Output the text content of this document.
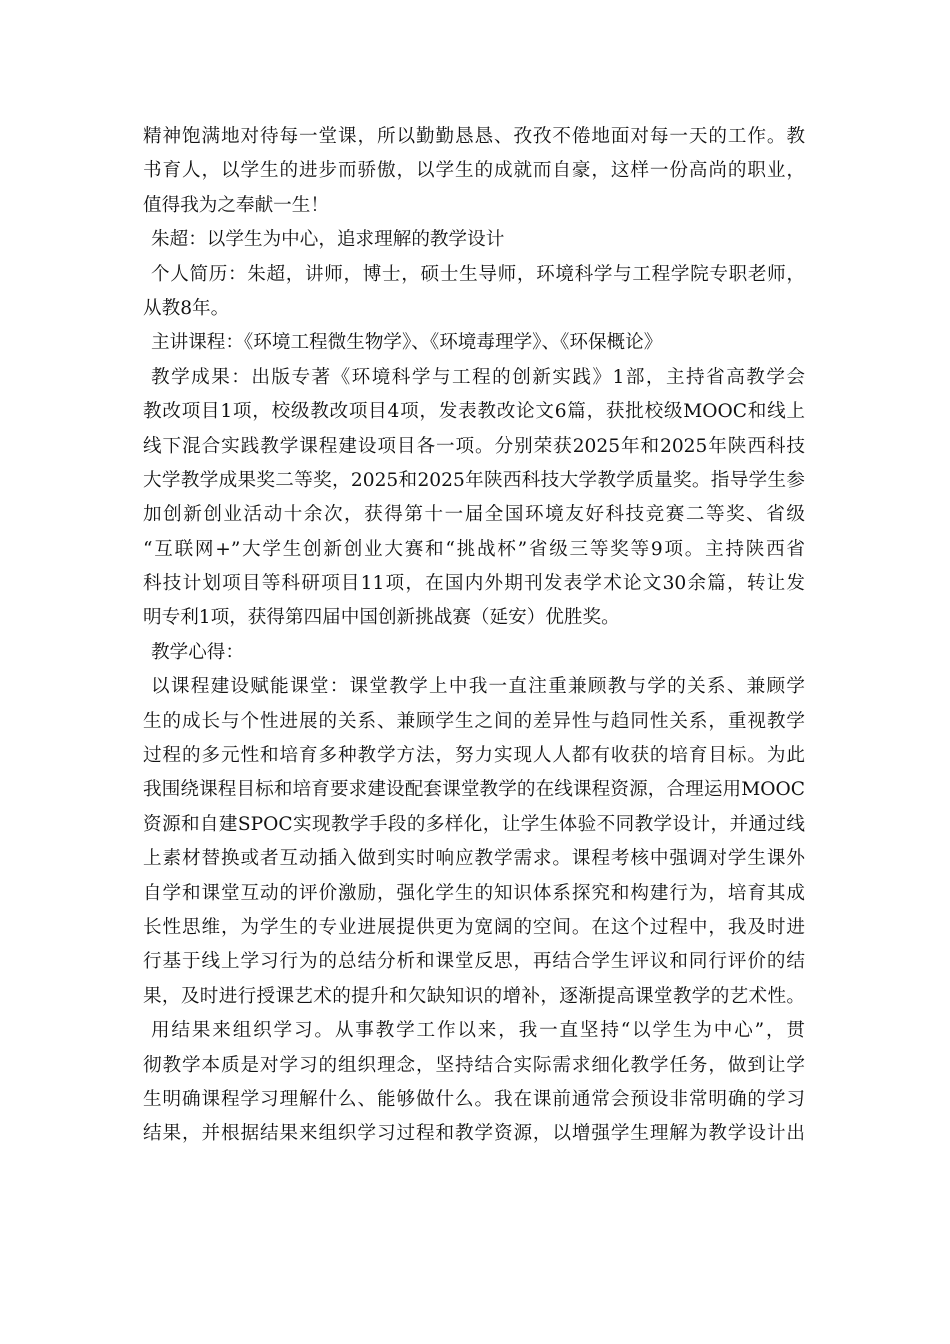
精神饱满地对待每一堂课，所以勤勤恳恳、孜孜不倦地面对每一天的工作。教
书育人，以学生的进步而骄傲，以学生的成就而自豪，这样一份高尚的职业，
值得我为之奉献一生！
朱超：以学生为中心，追求理解的教学设计
个人简历：朱超，讲师，博士，硕士生导师，环境科学与工程学院专职老师，
从教8年。
主讲课程：《环境工程微生物学》、《环境毒理学》、《环保概论》
教学成果：出版专著《环境科学与工程的创新实践》1部，主持省高教学会
教改项目1项，校级教改项目4项，发表教改论文6篇，获批校级MOOC和线上
线下混合实践教学课程建设项目各一项。分别荣获2025年和2025年陕西科技
大学教学成果奖二等奖，2025和2025年陕西科技大学教学质量奖。指导学生参
加创新创业活动十余次，获得第十一届全国环境友好科技竞赛二等奖、省级
“互联网+”大学生创新创业大赛和“挑战杯”省级三等奖等9项。主持陕西省
科技计划项目等科研项目11项，在国内外期刊发表学术论文30余篇，转让发
明专利1项，获得第四届中国创新挑战赛（延安）优胜奖。
教学心得：
以课程建设赋能课堂：课堂教学上中我一直注重兼顾教与学的关系、兼顾学
生的成长与个性进展的关系、兼顾学生之间的差异性与趋同性关系，重视教学
过程的多元性和培育多种教学方法，努力实现人人都有收获的培育目标。为此
我围绕课程目标和培育要求建设配套课堂教学的在线课程资源，合理运用MOOC
资源和自建SPOC实现教学手段的多样化，让学生体验不同教学设计，并通过线
上素材替换或者互动插入做到实时响应教学需求。课程考核中强调对学生课外
自学和课堂互动的评价激励，强化学生的知识体系探究和构建行为，培育其成
长性思维，为学生的专业进展提供更为宽阔的空间。在这个过程中，我及时进
行基于线上学习行为的总结分析和课堂反思，再结合学生评议和同行评价的结
果，及时进行授课艺术的提升和欠缺知识的增补，逐渐提高课堂教学的艺术性。
用结果来组织学习。从事教学工作以来，我一直坚持“以学生为中心”，贯
彻教学本质是对学习的组织理念，坚持结合实际需求细化教学任务，做到让学
生明确课程学习理解什么、能够做什么。我在课前通常会预设非常明确的学习
结果，并根据结果来组织学习过程和教学资源，以增强学生理解为教学设计出
